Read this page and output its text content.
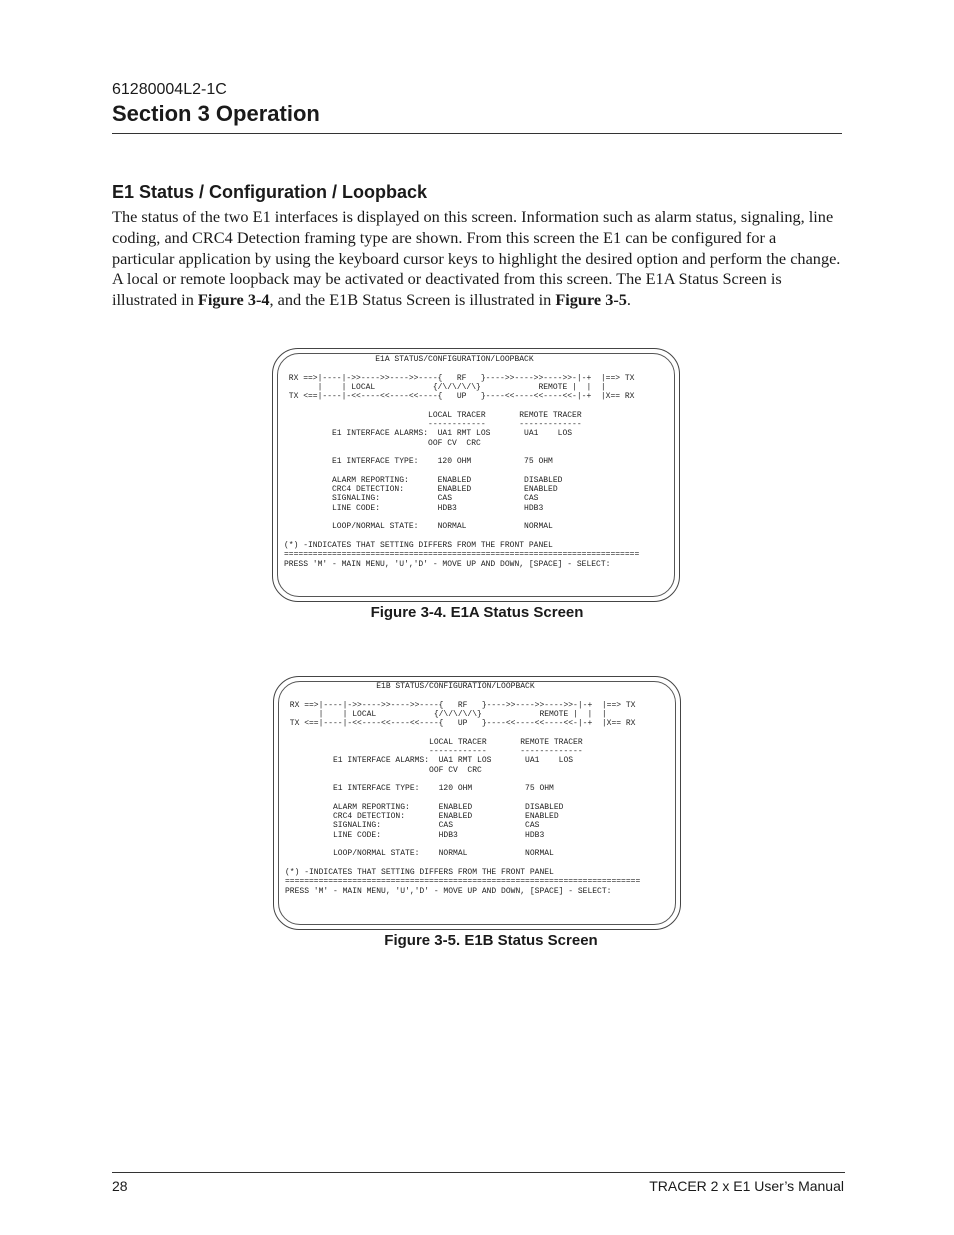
61280004L2-1C
Section 3 Operation
E1 Status / Configuration / Loopback
The status of the two E1 interfaces is displayed on this screen. Information such as alarm status, signaling, line coding, and CRC4 Detection framing type are shown. From this screen the E1 can be configured for a particular application by using the keyboard cursor keys to highlight the desired option and perform the change. A local or remote loopback may be activated or deactivated from this screen. The E1A Status Screen is illustrated in Figure 3-4, and the E1B Status Screen is illustrated in Figure 3-5.
E1A STATUS/CONFIGURATION/LOOPBACK

RX ==>|----|->>---->>---->>----{   RF   }---->>---->>---->>-|-+  |==> TX
|    | LOCAL            {/\/\/\/\}            REMOTE |  |  |
TX <==|----|-<<----<<----<<----{   UP   }----<<----<<----<<-|-+  |X== RX

LOCAL TRACER       REMOTE TRACER
------------       -------------
E1 INTERFACE ALARMS:  UA1 RMT LOS       UA1    LOS
OOF CV  CRC

E1 INTERFACE TYPE:    120 OHM           75 OHM

ALARM REPORTING:      ENABLED           DISABLED
CRC4 DETECTION:       ENABLED           ENABLED
SIGNALING:            CAS               CAS
LINE CODE:            HDB3              HDB3

LOOP/NORMAL STATE:    NORMAL            NORMAL

(*) -INDICATES THAT SETTING DIFFERS FROM THE FRONT PANEL
==========================================================================
PRESS 'M' - MAIN MENU, 'U','D' - MOVE UP AND DOWN, [SPACE] - SELECT:
Figure 3-4. E1A Status Screen
E1B STATUS/CONFIGURATION/LOOPBACK

RX ==>|----|->>---->>---->>----{   RF   }---->>---->>---->>-|-+  |==> TX
|    | LOCAL            {/\/\/\/\}            REMOTE |  |  |
TX <==|----|-<<----<<----<<----{   UP   }----<<----<<----<<-|-+  |X== RX

LOCAL TRACER       REMOTE TRACER
------------       -------------
E1 INTERFACE ALARMS:  UA1 RMT LOS       UA1    LOS
OOF CV  CRC

E1 INTERFACE TYPE:    120 OHM           75 OHM

ALARM REPORTING:      ENABLED           DISABLED
CRC4 DETECTION:       ENABLED           ENABLED
SIGNALING:            CAS               CAS
LINE CODE:            HDB3              HDB3

LOOP/NORMAL STATE:    NORMAL            NORMAL

(*) -INDICATES THAT SETTING DIFFERS FROM THE FRONT PANEL
==========================================================================
PRESS 'M' - MAIN MENU, 'U','D' - MOVE UP AND DOWN, [SPACE] - SELECT:
Figure 3-5. E1B Status Screen
28	TRACER 2 x E1 User’s Manual
